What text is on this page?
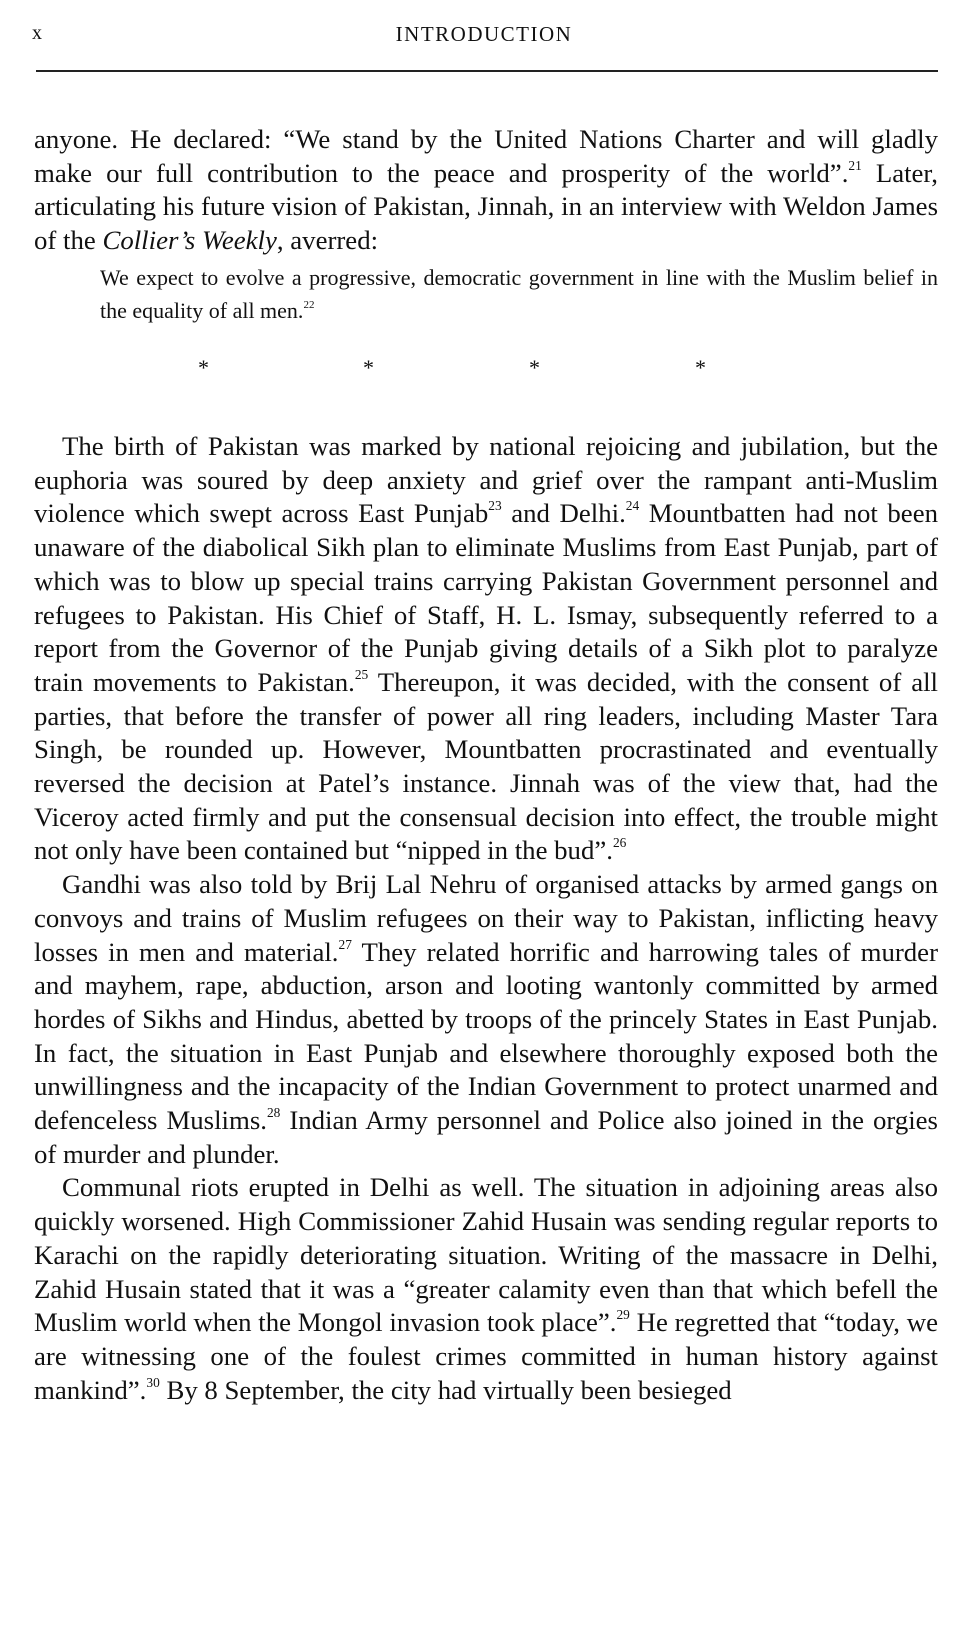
x	INTRODUCTION

anyone. He declared: “We stand by the United Nations Charter and will gladly make our full contribution to the peace and prosperity of the world”.$^{21}$ Later, articulating his future vision of Pakistan, Jinnah, in an interview with Weldon James of the Collier’s Weekly, averred:

We expect to evolve a progressive, democratic government in line with the Muslim belief in the equality of all men.$^{22}$
*	*	*	*

The birth of Pakistan was marked by national rejoicing and jubilation, but the euphoria was soured by deep anxiety and grief over the rampant anti-Muslim violence which swept across East Punjab$^{23}$ and Delhi.$^{24}$ Mountbatten had not been unaware of the diabolical Sikh plan to eliminate Muslims from East Punjab, part of which was to blow up special trains carrying Pakistan Government personnel and refugees to Pakistan. His Chief of Staff, H. L. Ismay, subsequently referred to a report from the Governor of the Punjab giving details of a Sikh plot to paralyze train movements to Pakistan.$^{25}$ Thereupon, it was decided, with the consent of all parties, that before the transfer of power all ring leaders, including Master Tara Singh, be rounded up. However, Mountbatten procrastinated and eventually reversed the decision at Patel’s instance. Jinnah was of the view that, had the Viceroy acted firmly and put the consensual decision into effect, the trouble might not only have been contained but “nipped in the bud”.$^{26}$

Gandhi was also told by Brij Lal Nehru of organised attacks by armed gangs on convoys and trains of Muslim refugees on their way to Pakistan, inflicting heavy losses in men and material.$^{27}$ They related horrific and harrowing tales of murder and mayhem, rape, abduction, arson and looting wantonly committed by armed hordes of Sikhs and Hindus, abetted by troops of the princely States in East Punjab. In fact, the situation in East Punjab and elsewhere thoroughly exposed both the unwillingness and the incapacity of the Indian Government to protect unarmed and defenceless Muslims.$^{28}$ Indian Army personnel and Police also joined in the orgies of murder and plunder.

Communal riots erupted in Delhi as well. The situation in adjoining areas also quickly worsened. High Commissioner Zahid Husain was sending regular reports to Karachi on the rapidly deteriorating situation. Writing of the massacre in Delhi, Zahid Husain stated that it was a “greater calamity even than that which befell the Muslim world when the Mongol invasion took place”.$^{29}$ He regretted that “today, we are witnessing one of the foulest crimes committed in human history against mankind”.$^{30}$ By 8 September, the city had virtually been besieged
